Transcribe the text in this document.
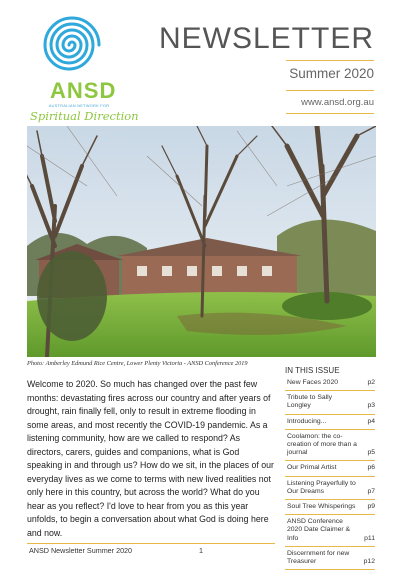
ANSD
AUSTRALIAN NETWORK FOR
Spiritual Direction
NEWSLETTER
Summer 2020
www.ansd.org.au
Photo: Amberley Edmund Rice Centre, Lower Plenty Victoria - ANSD Conference 2019
Welcome to 2020. So much has changed over the past few months: devastating fires across our country and after years of drought, rain finally fell, only to result in extreme flooding in some areas, and most recently the COVID-19 pandemic. As a listening community, how are we called to respond? As directors, carers, guides and companions, what is God speaking in and through us? How do we sit, in the places of our everyday lives as we come to terms with new lived realities not only here in this country, but across the world? What do you hear as you reflect? I'd love to hear from you as this year unfolds, to begin a conversation about what God is doing here and now.
IN THIS ISSUE
New Faces 2020	p2
Tribute to Sally Longley	p3
Introducing...	p4
Coolamon: the co-creation of more than a journal	p5
Our Primal Artist	p6
Listening Prayerfully to Our Dreams	p7
Soul Tree Whisperings p9
ANSD Conference 2020 Date Claimer & Info	p11
Discernment for new Treasurer	p12
ANSD Newsletter Summer 2020	1
